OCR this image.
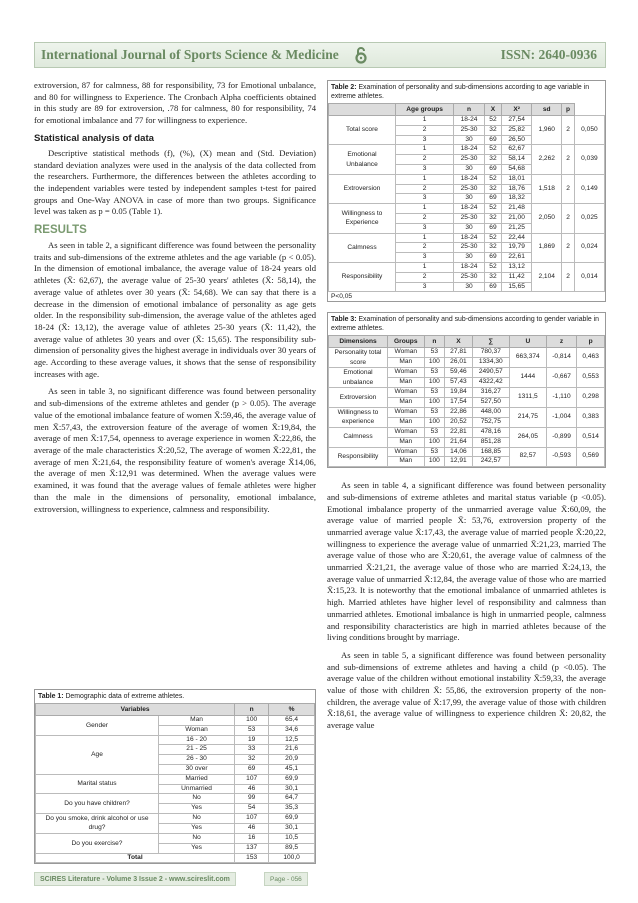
International Journal of Sports Science & Medicine	ISSN: 2640-0936

extroversion, 87 for calmness, 88 for responsibility, 73 for Emotional unbalance, and 80 for willingness to Experience. The Cronbach Alpha coefficients obtained in this study are 89 for extroversion, .78 for calmness, 80 for responsibility, 74 for emotional imbalance and 77 for willingness to experience.

Statistical analysis of data

Descriptive statistical methods (f), (%), (X) mean and (Std. Deviation) standard deviation analyzes were used in the analysis of the data collected from the researchers. Furthermore, the differences between the athletes according to the independent variables were tested by independent samples t-test for paired groups and One-Way ANOVA in case of more than two groups. Significance level was taken as p = 0.05 (Table 1).

RESULTS

As seen in table 2, a significant difference was found between the personality traits and sub-dimensions of the extreme athletes and the age variable (p < 0.05). In the dimension of emotional imbalance, the average value of 18-24 years old athletes (X̄: 62,67), the average value of 25-30 years' athletes (X̄: 58,14), the average value of athletes over 30 years (X̄: 54,68). We can say that there is a decrease in the dimension of emotional imbalance of personality as age gets older. In the responsibility sub-dimension, the average value of the athletes aged 18-24 (X̄: 13,12), the average value of athletes 25-30 years (X̄: 11,42), the average value of athletes 30 years and over (X̄: 15,65). The responsibility sub-dimension of personality gives the highest average in individuals over 30 years of age. According to these average values, it shows that the sense of responsibility increases with age.

As seen in table 3, no significant difference was found between personality and sub-dimensions of the extreme athletes and gender (p > 0.05). The average value of the emotional imbalance feature of women X̄:59,46, the average value of men X̄:57,43, the extroversion feature of the average of women X̄:19,84, the average of men X̄:17,54, openness to average experience in women X̄:22,86, the average of the male characteristics X̄:20,52, The average of women X̄:22,81, the average of men X̄:21,64, the responsibility feature of women's average X̄14,06, the average of men X̄:12,91 was determined. When the average values were examined, it was found that the average values of female athletes were higher than the male in the dimensions of personality, emotional imbalance, extroversion, willingness to experience, calmness and responsibility.

Table 1: Demographic data of extreme athletes.
Variables		n	%
Gender	Man	100	65,4
	Woman	53	34,6
Age	16 - 20	19	12,5
	21 - 25	33	21,6
	26 - 30	32	20,9
	30 over	69	45,1
Marital status	Married	107	69,9
	Unmarried	46	30,1
Do you have children?	No	99	64,7
	Yes	54	35,3
Do you smoke, drink alcohol or use drug?	No	107	69,9
	Yes	46	30,1
Do you exercise?	No	16	10,5
	Yes	137	89,5
Total		153	100,0
Table 2: Examination of personality and sub-dimensions according to age variable in extreme athletes.
	Age groups	n	X	X²	sd	p	
Total score	1	18-24	52	27,54	1,960	2	0,050
	2	25-30	32	25,82			
	3	30	69	26,50			
Emotional Unbalance	1	18-24	52	62,67	2,262	2	0,039
	2	25-30	32	58,14			
	3	30	69	54,68			
Extroversion	1	18-24	52	18,01	1,518	2	0,149
	2	25-30	32	18,76			
	3	30	69	18,32			
Willingness to Experience	1	18-24	52	21,48	2,050	2	0,025
	2	25-30	32	21,00			
	3	30	69	21,25			
Calmness	1	18-24	52	22,44	1,869	2	0,024
	2	25-30	32	19,79			
	3	30	69	22,61			
Responsibility	1	18-24	52	13,12	2,104	2	0,014
	2	25-30	32	11,42			
	3	30	69	15,65			
P<0,05
Table 3: Examination of personality and sub-dimensions according to gender variable in extreme athletes.
Dimensions	Groups	n	X	∑	U	z	p
Personality total score	Woman	53	27,81	780,37	663,374	-0,814	0,463
	Man	100	26,01	1334,30			
Emotional unbalance	Woman	53	59,46	2490,57	1444	-0,667	0,553
	Man	100	57,43	4322,42			
Extroversion	Woman	53	19,84	316,27	1311,5	-1,110	0,298
	Man	100	17,54	527,50			
Willingness to experience	Woman	53	22,86	448,00	214,75	-1,004	0,383
	Man	100	20,52	752,75			
Calmness	Woman	53	22,81	478,16	264,05	-0,899	0,514
	Man	100	21,64	851,28			
Responsibility	Woman	53	14,06	168,85	82,57	-0,593	0,569
	Man	100	12,91	242,57			

As seen in table 4, a significant difference was found between personality and sub-dimensions of extreme athletes and marital status variable (p <0.05). Emotional imbalance property of the unmarried average value X̄:60,09, the average value of married people X̄: 53,76, extroversion property of the unmarried average value X̄:17,43, the average value of married people X̄:20,22, willingness to experience the average value of unmarried X̄:21,23, married The average value of those who are X̄:20,61, the average value of calmness of the unmarried X̄:21,21, the average value of those who are married X̄:24,13, the average value of unmarried X̄:12,84, the average value of those who are married X̄:15,23. It is noteworthy that the emotional imbalance of unmarried athletes is high. Married athletes have higher level of responsibility and calmness than unmarried athletes. Emotional imbalance is high in unmarried people, calmness and responsibility characteristics are high in married athletes because of the living conditions brought by marriage.

As seen in table 5, a significant difference was found between personality and sub-dimensions of extreme athletes and having a child (p <0.05). The average value of the children without emotional instability X̄:59,33, the average value of those with children X̄: 55,86, the extroversion property of the non-children, the average value of X̄:17,99, the average value of those with children X̄:18,61, the average value of willingness to experience children X̄: 20,82, the average value

SCIRES Literature - Volume 3 Issue 2 - www.scireslit.com	Page - 056
